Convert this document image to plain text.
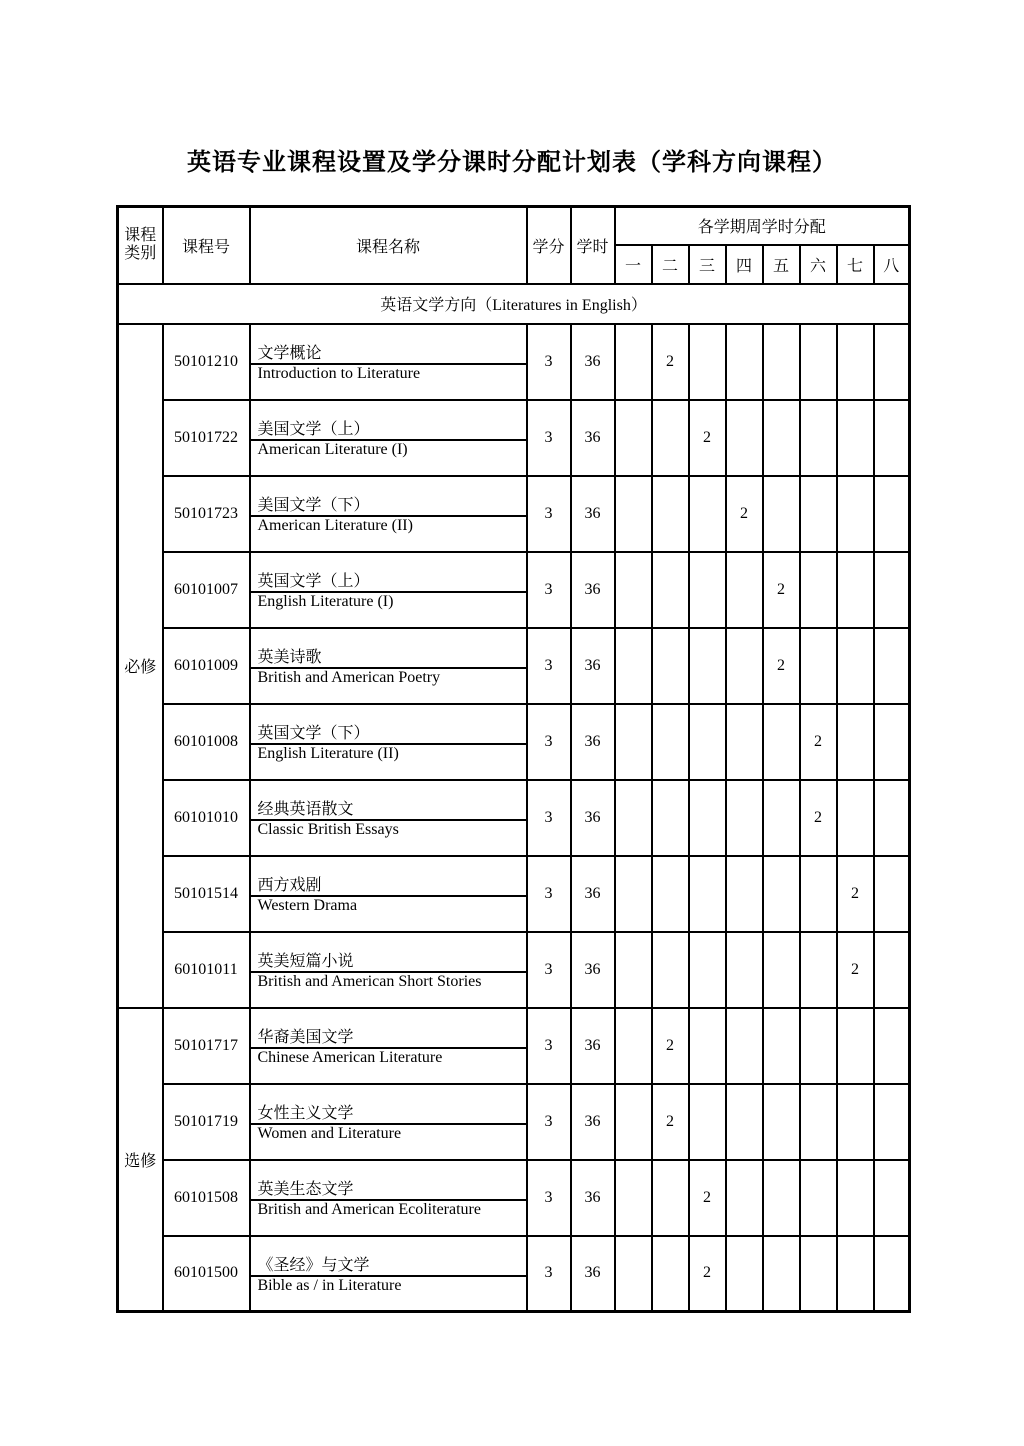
英语专业课程设置及学分课时分配计划表（学科方向课程）
课程类别	课程号	课程名称	学分	学时	各学期周学时分配							
					一	二	三	四	五	六	七	八
英语文学方向（Literatures in English）												
必修	50101210	文学概论
Introduction to Literature	3	36		2						
	50101722	美国文学（上）
American Literature (I)	3	36			2					
	50101723	美国文学（下）
American Literature (II)	3	36				2				
	60101007	英国文学（上）
English Literature (I)	3	36					2			
	60101009	英美诗歌
British and American Poetry	3	36					2			
	60101008	英国文学（下）
English Literature (II)	3	36						2		
	60101010	经典英语散文
Classic British Essays	3	36						2		
	50101514	西方戏剧
Western Drama	3	36							2	
	60101011	英美短篇小说
British and American Short Stories	3	36							2	
选修	50101717	华裔美国文学
Chinese American Literature	3	36		2						
	50101719	女性主义文学
Women and Literature	3	36		2						
	60101508	英美生态文学
British and American Ecoliterature	3	36			2					
	60101500	《圣经》与文学
Bible as / in Literature	3	36			2					
